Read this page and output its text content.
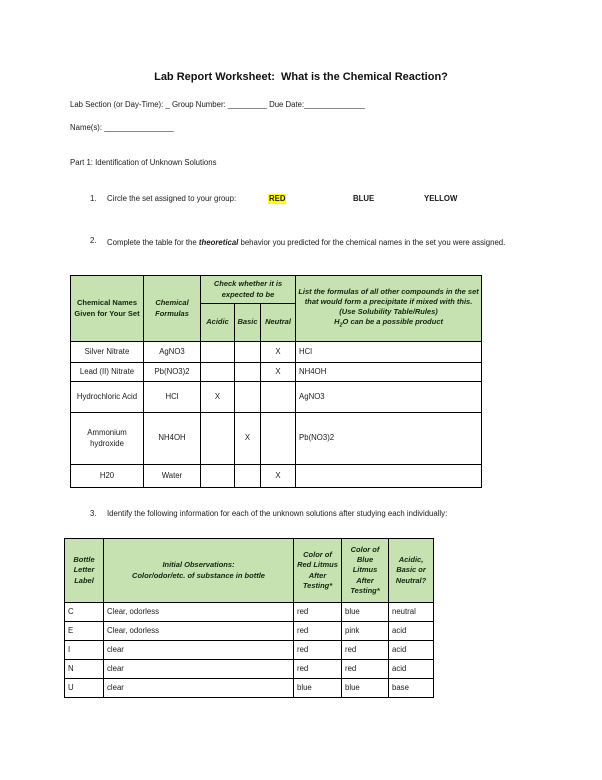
Lab Report Worksheet:  What is the Chemical Reaction?
Lab Section (or Day-Time): _ Group Number: _________ Due Date:______________
Name(s): ________________
Part 1: Identification of Unknown Solutions
1. Circle the set assigned to your group:	RED	BLUE	YELLOW
2. Complete the table for the theoretical behavior you predicted for the chemical names in the set you were assigned.
Chemical Names Given for Your Set	Chemical Formulas	Check whether it is expected to be			List the formulas of all other compounds in the set that would form a precipitate if mixed with this.
(Use Solubility Table/Rules)
$H_2O$ can be a possible product

		Acidic	Basic	Neutral	
Silver Nitrate	AgNO3			X	HCl
Lead (II) Nitrate	Pb(NO3)2			X	NH4OH
Hydrochloric Acid	HCl	X			AgNO3
Ammonium hydroxide	NH4OH		X		Pb(NO3)2
H20	Water			X	
3. Identify the following information for each of the unknown solutions after studying each individually:
Bottle Letter Label	Initial Observations:
Color/odor/etc. of substance in bottle	Color of Red Litmus After Testing*	Color of Blue Litmus After Testing*	Acidic, Basic or Neutral?
C	Clear, odorless	red	blue	neutral
E	Clear, odorless	red	pink	acid
I	clear	red	red	acid
N	clear	red	red	acid
U	clear	blue	blue	base
